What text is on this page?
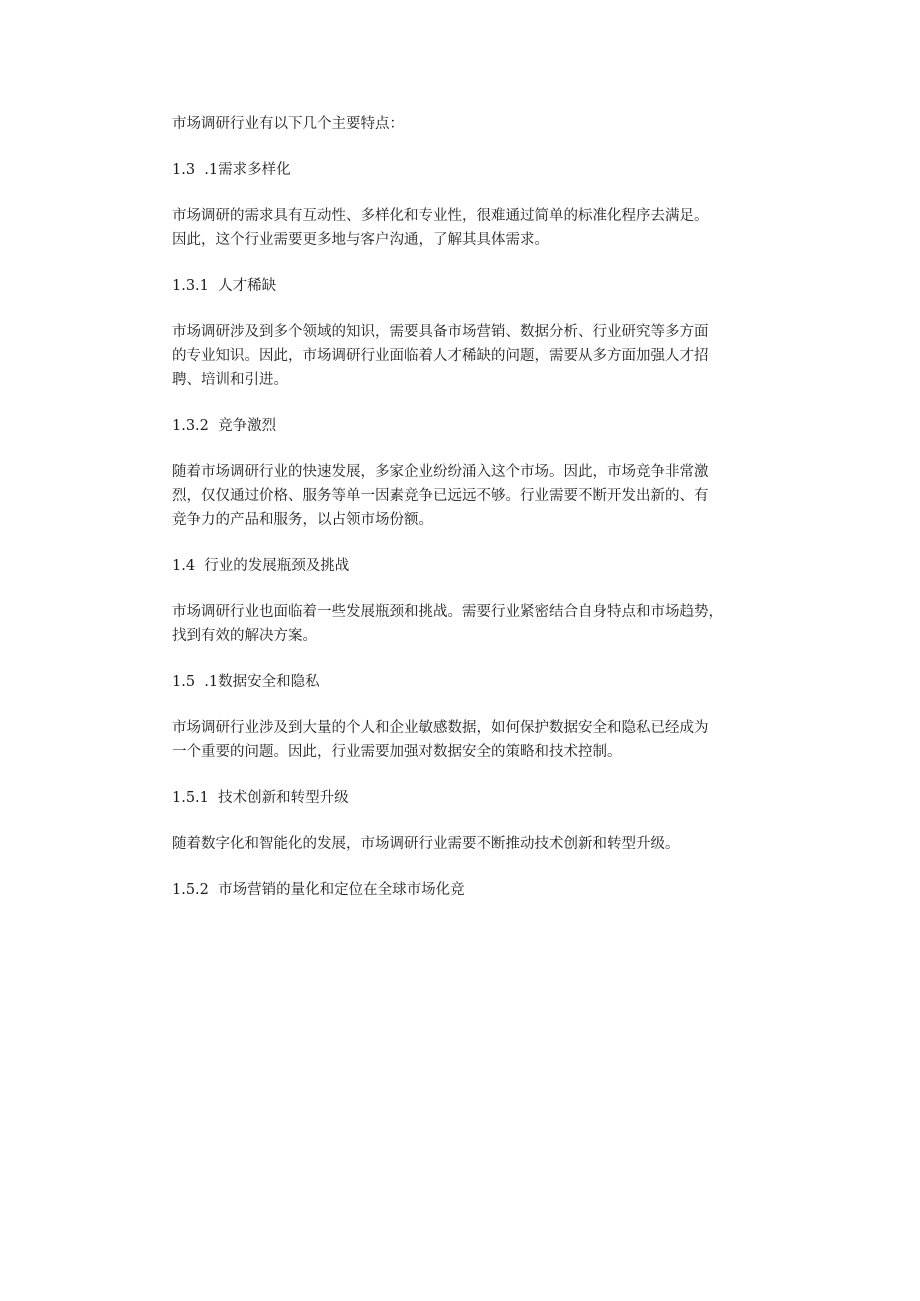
市场调研行业有以下几个主要特点：

1.3  .1需求多样化

市场调研的需求具有互动性、多样化和专业性，很难通过简单的标准化程序去满足。

因此，这个行业需要更多地与客户沟通，了解其具体需求。

1.3.1  人才稀缺

市场调研涉及到多个领域的知识，需要具备市场营销、数据分析、行业研究等多方面

的专业知识。因此，市场调研行业面临着人才稀缺的问题，需要从多方面加强人才招

聘、培训和引进。

1.3.2  竞争激烈

随着市场调研行业的快速发展，多家企业纷纷涌入这个市场。因此，市场竞争非常激

烈，仅仅通过价格、服务等单一因素竞争已远远不够。行业需要不断开发出新的、有

竞争力的产品和服务，以占领市场份额。

1.4  行业的发展瓶颈及挑战

市场调研行业也面临着一些发展瓶颈和挑战。需要行业紧密结合自身特点和市场趋势，

找到有效的解决方案。

1.5  .1数据安全和隐私

市场调研行业涉及到大量的个人和企业敏感数据，如何保护数据安全和隐私已经成为

一个重要的问题。因此，行业需要加强对数据安全的策略和技术控制。

1.5.1  技术创新和转型升级

随着数字化和智能化的发展，市场调研行业需要不断推动技术创新和转型升级。

1.5.2  市场营销的量化和定位在全球市场化竞
